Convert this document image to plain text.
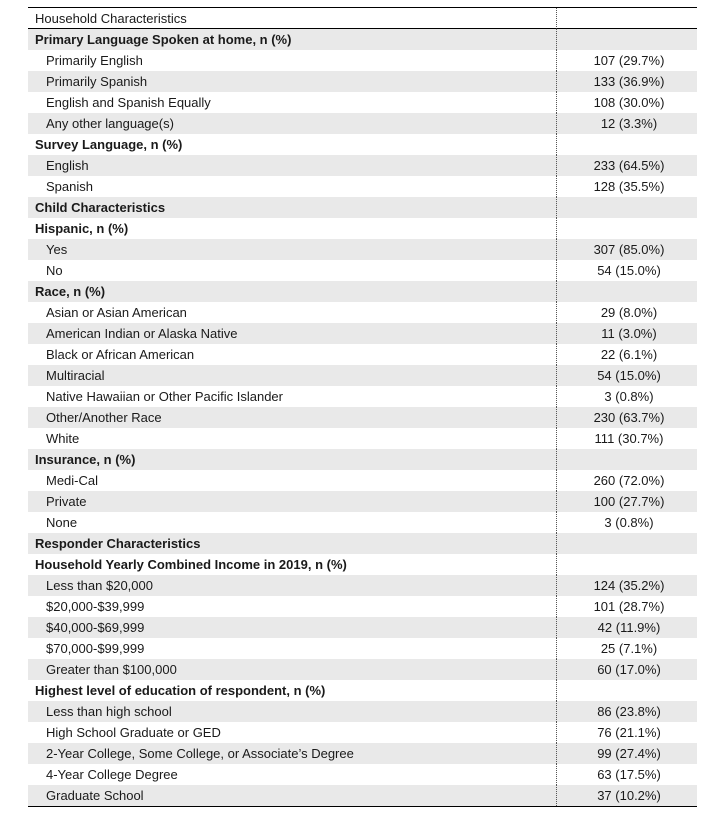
Household Characteristics
Primary Language Spoken at home, n (%)
Primarily English	107 (29.7%)
Primarily Spanish	133 (36.9%)
English and Spanish Equally	108 (30.0%)
Any other language(s)	12 (3.3%)
Survey Language, n (%)
English	233 (64.5%)
Spanish	128 (35.5%)
Child Characteristics
Hispanic, n (%)
Yes	307 (85.0%)
No	54 (15.0%)
Race, n (%)
Asian or Asian American	29 (8.0%)
American Indian or Alaska Native	11 (3.0%)
Black or African American	22 (6.1%)
Multiracial	54 (15.0%)
Native Hawaiian or Other Pacific Islander	3 (0.8%)
Other/Another Race	230 (63.7%)
White	111 (30.7%)
Insurance, n (%)
Medi-Cal	260 (72.0%)
Private	100 (27.7%)
None	3 (0.8%)
Responder Characteristics
Household Yearly Combined Income in 2019, n (%)
Less than $20,000	124 (35.2%)
$20,000-$39,999	101 (28.7%)
$40,000-$69,999	42 (11.9%)
$70,000-$99,999	25 (7.1%)
Greater than $100,000	60 (17.0%)
Highest level of education of respondent, n (%)
Less than high school	86 (23.8%)
High School Graduate or GED	76 (21.1%)
2-Year College, Some College, or Associate’s Degree	99 (27.4%)
4-Year College Degree	63 (17.5%)
Graduate School	37 (10.2%)
